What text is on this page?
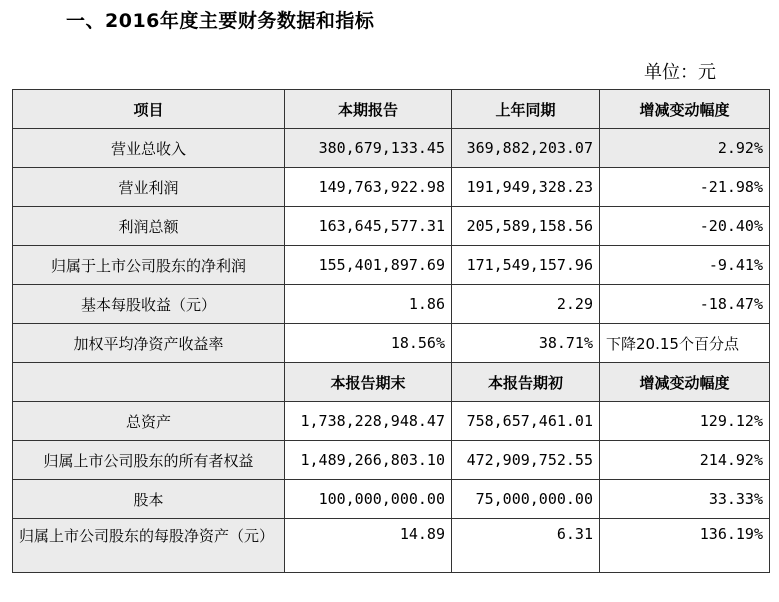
一、2016年度主要财务数据和指标
单位：元
项目	本期报告	上年同期	增减变动幅度
营业总收入	380,679,133.45	369,882,203.07	2.92%
营业利润	149,763,922.98	191,949,328.23	-21.98%
利润总额	163,645,577.31	205,589,158.56	-20.40%
归属于上市公司股东的净利润	155,401,897.69	171,549,157.96	-9.41%
基本每股收益（元）	1.86	2.29	-18.47%
加权平均净资产收益率	18.56%	38.71%	下降20.15个百分点
	本报告期末	本报告期初	增减变动幅度
总资产	1,738,228,948.47	758,657,461.01	129.12%
归属上市公司股东的所有者权益	1,489,266,803.10	472,909,752.55	214.92%
股本	100,000,000.00	75,000,000.00	33.33%
归属上市公司股东的每股净资产（元）	14.89	6.31	136.19%
